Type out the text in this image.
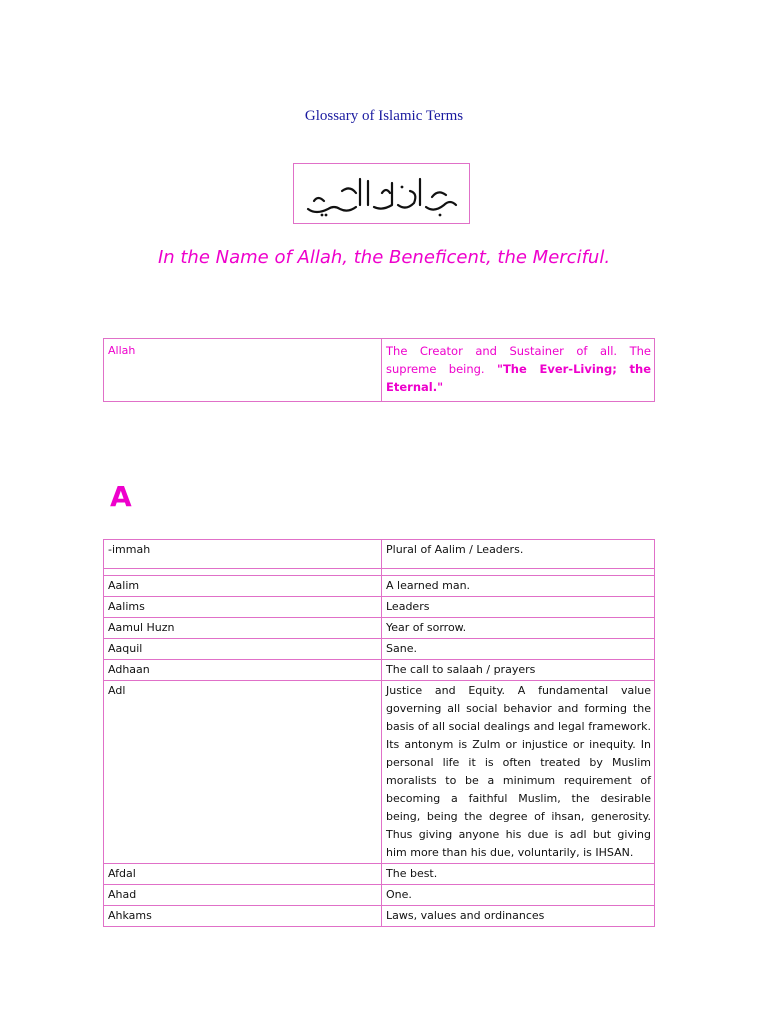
Glossary of Islamic Terms
In the Name of Allah, the Beneficent, the Merciful.
Allah	The Creator and Sustainer of all. The supreme being. "The Ever-Living; the Eternal."
A
-immah	Plural of Aalim / Leaders.

Aalim	A learned man.
Aalims	Leaders
Aamul Huzn	Year of sorrow.
Aaquil	Sane.
Adhaan	The call to salaah / prayers
Adl	Justice and Equity. A fundamental value governing all social behavior and forming the basis of all social dealings and legal framework. Its antonym is Zulm or injustice or inequity. In personal life it is often treated by Muslim moralists to be a minimum requirement of becoming a faithful Muslim, the desirable being, being the degree of ihsan, generosity. Thus giving anyone his due is adl but giving him more than his due, voluntarily, is IHSAN.
Afdal	The best.
Ahad	One.
Ahkams	Laws, values and ordinances
